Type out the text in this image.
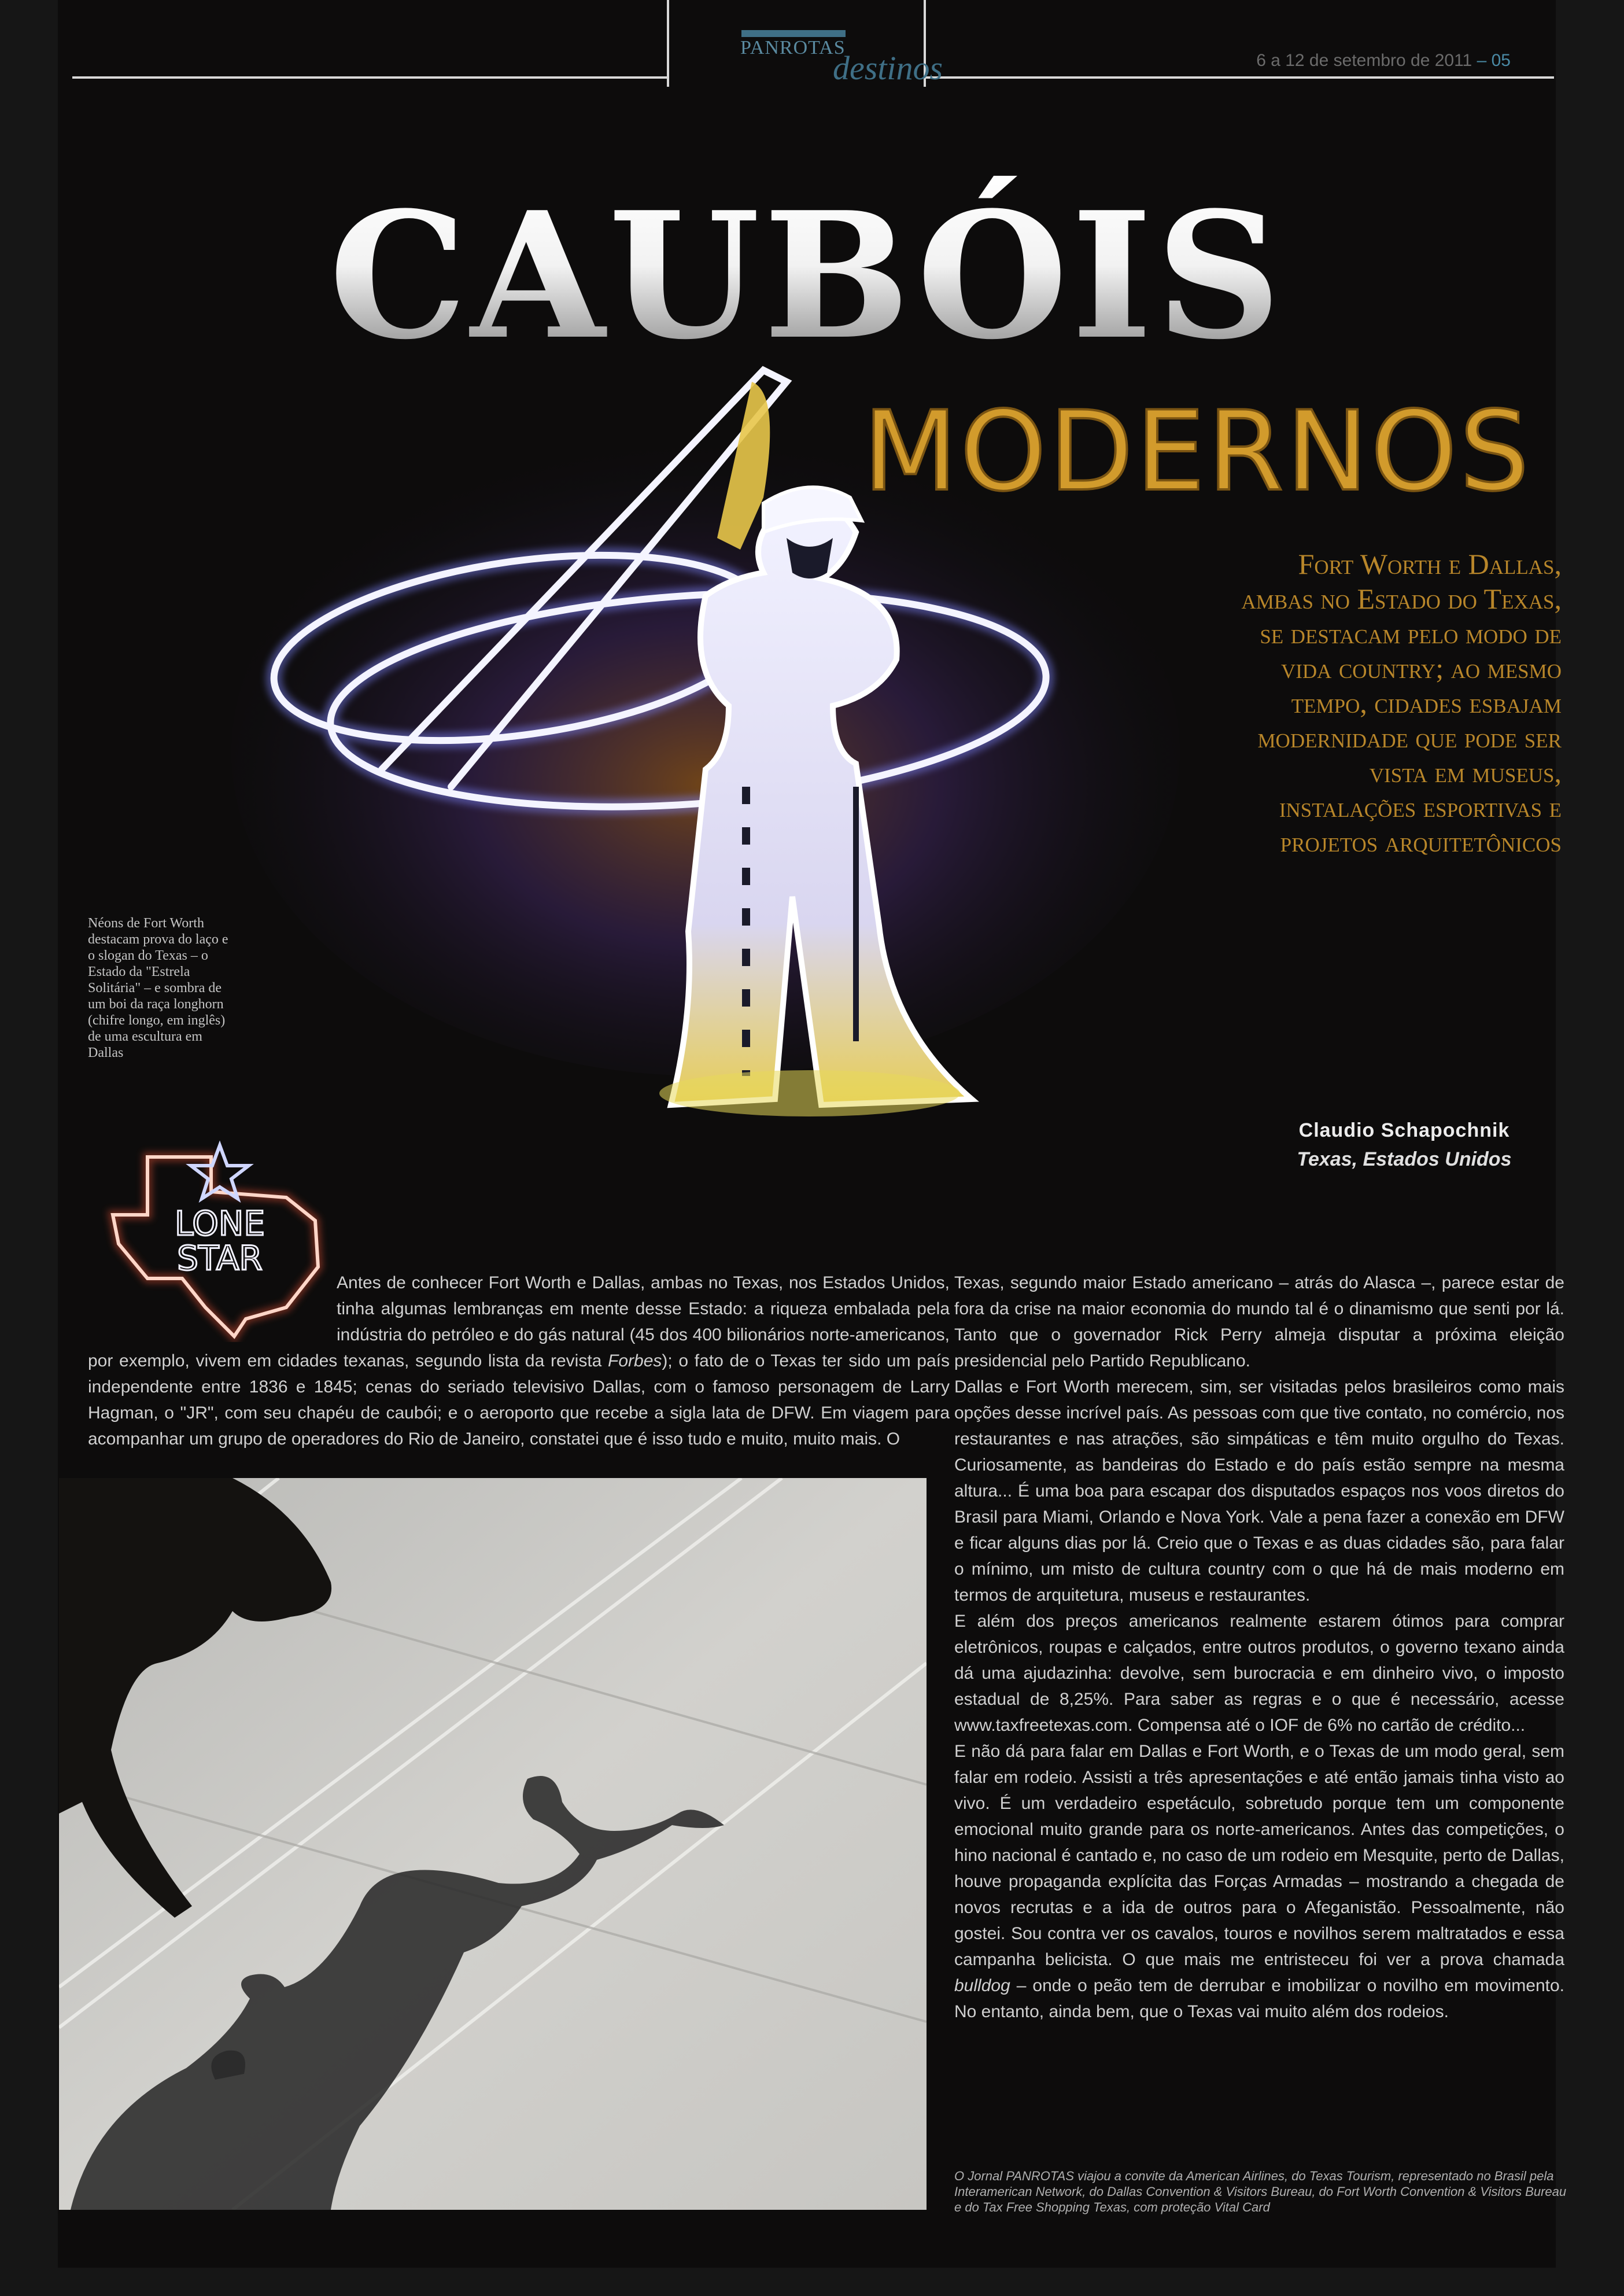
PANROTAS
destinos	6 a 12 de setembro de 2011 – 05
CAUBÓIS
MODERNOS
Fort Worth e Dallas, ambas no Estado do Texas, se destacam pelo modo de vida country; ao mesmo tempo, cidades esbajam modernidade que pode ser vista em museus, instalações esportivas e projetos arquitetônicos
Néons de Fort Worth destacam prova do laço e o slogan do Texas – o Estado da "Estrela Solitária" – e sombra de um boi da raça longhorn (chifre longo, em inglês) de uma escultura em Dallas
Claudio Schapochnik
Texas, Estados Unidos
LONE
STAR

Antes de conhecer Fort Worth e Dallas, ambas no Texas, nos Estados Unidos, tinha algumas lembranças em mente desse Estado: a riqueza embalada pela indústria do petróleo e do gás natural (45 dos 400 bilionários norte-americanos, por exemplo, vivem em cidades texanas, segundo lista da revista Forbes); o fato de o Texas ter sido um país independente entre 1836 e 1845; cenas do seriado televisivo Dallas, com o famoso personagem de Larry Hagman, o "JR", com seu chapéu de caubói; e o aeroporto que recebe a sigla lata de DFW. Em viagem para acompanhar um grupo de operadores do Rio de Janeiro, constatei que é isso tudo e muito, muito mais. O

Texas, segundo maior Estado americano – atrás do Alasca –, parece estar de fora da crise na maior economia do mundo tal é o dinamismo que senti por lá. Tanto que o governador Rick Perry almeja disputar a próxima eleição presidencial pelo Partido Republicano.

Dallas e Fort Worth merecem, sim, ser visitadas pelos brasileiros como mais opções desse incrível país. As pessoas com que tive contato, no comércio, nos restaurantes e nas atrações, são simpáticas e têm muito orgulho do Texas. Curiosamente, as bandeiras do Estado e do país estão sempre na mesma altura... É uma boa para escapar dos disputados espaços nos voos diretos do Brasil para Miami, Orlando e Nova York. Vale a pena fazer a conexão em DFW e ficar alguns dias por lá. Creio que o Texas e as duas cidades são, para falar o mínimo, um misto de cultura country com o que há de mais moderno em termos de arquitetura, museus e restaurantes.

E além dos preços americanos realmente estarem ótimos para comprar eletrônicos, roupas e calçados, entre outros produtos, o governo texano ainda dá uma ajudazinha: devolve, sem burocracia e em dinheiro vivo, o imposto estadual de 8,25%. Para saber as regras e o que é necessário, acesse www.taxfreetexas.com. Compensa até o IOF de 6% no cartão de crédito...

E não dá para falar em Dallas e Fort Worth, e o Texas de um modo geral, sem falar em rodeio. Assisti a três apresentações e até então jamais tinha visto ao vivo. É um verdadeiro espetáculo, sobretudo porque tem um componente emocional muito grande para os norte-americanos. Antes das competições, o hino nacional é cantado e, no caso de um rodeio em Mesquite, perto de Dallas, houve propaganda explícita das Forças Armadas – mostrando a chegada de novos recrutas e a ida de outros para o Afeganistão. Pessoalmente, não gostei. Sou contra ver os cavalos, touros e novilhos serem maltratados e essa campanha belicista. O que mais me entristeceu foi ver a prova chamada bulldog – onde o peão tem de derrubar e imobilizar o novilho em movimento. No entanto, ainda bem, que o Texas vai muito além dos rodeios.

O Jornal PANROTAS viajou a convite da American Airlines, do Texas Tourism, representado no Brasil pela Interamerican Network, do Dallas Convention & Visitors Bureau, do Fort Worth Convention & Visitors Bureau e do Tax Free Shopping Texas, com proteção Vital Card
